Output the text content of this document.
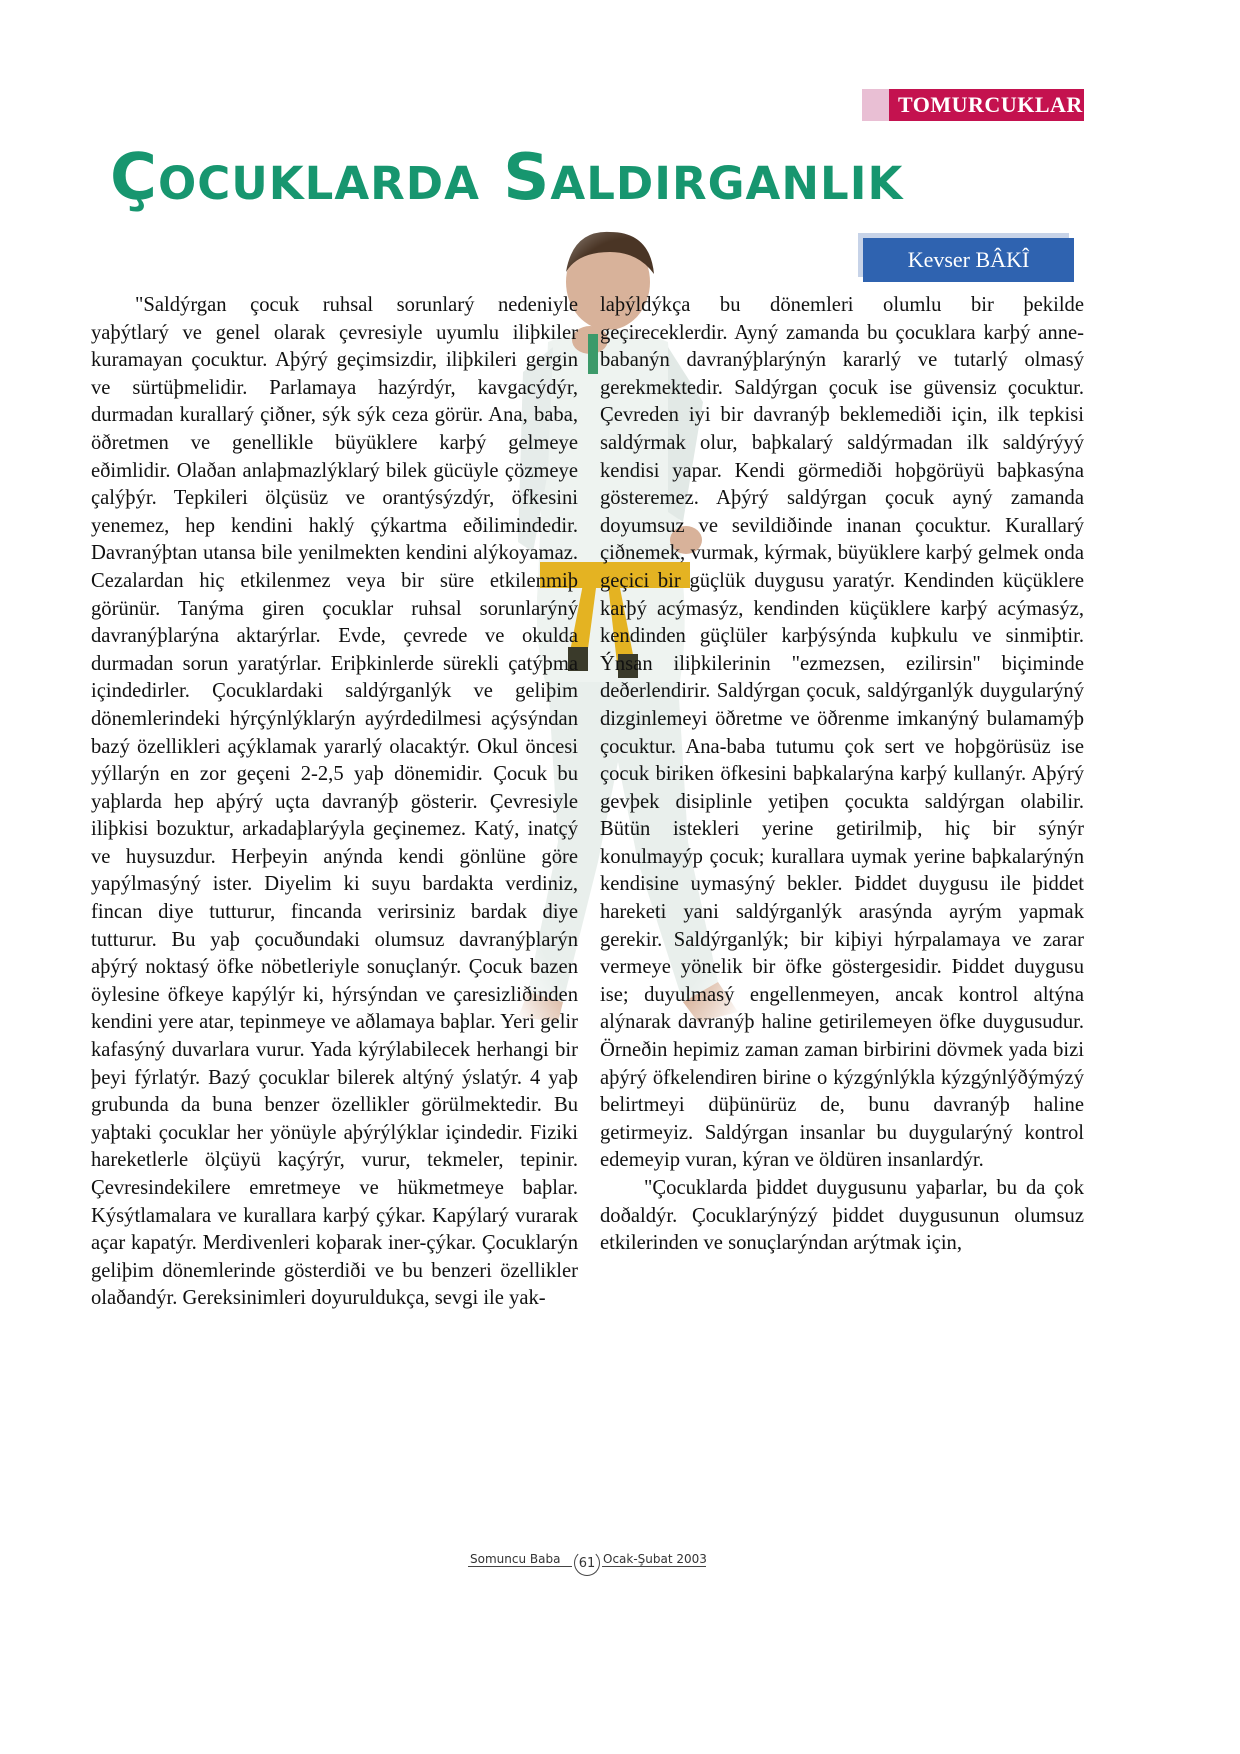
TOMURCUKLAR
Çocuklarda Saldırganlık
Kevser BÂKÎ

"Saldýrgan çocuk ruhsal sorunlarý nedeniyle yaþýtlarý ve genel olarak çevresiyle uyumlu iliþkiler kuramayan çocuktur. Aþýrý geçimsizdir, iliþkileri gergin ve sürtüþmelidir. Parlamaya hazýrdýr, kavgacýdýr, durmadan kurallarý çiðner, sýk sýk ceza görür. Ana, baba, öðretmen ve genellikle büyüklere karþý gelmeye eðimlidir. Olaðan anlaþmazlýklarý bilek gücüyle çözmeye çalýþýr. Tepkileri ölçüsüz ve orantýsýzdýr, öfkesini yenemez, hep kendini haklý çýkartma eðilimindedir. Davranýþtan utansa bile yenilmekten kendini alýkoyamaz. Cezalardan hiç etkilenmez veya bir süre etkilenmiþ görünür. Tanýma giren çocuklar ruhsal sorunlarýný davranýþlarýna aktarýrlar. Evde, çevrede ve okulda durmadan sorun yaratýrlar. Eriþkinlerde sürekli çatýþma içindedirler. Çocuklardaki saldýrganlýk ve geliþim dönemlerindeki hýrçýnlýklarýn ayýrdedilmesi açýsýndan bazý özellikleri açýklamak yararlý olacaktýr. Okul öncesi yýllarýn en zor geçeni 2-2,5 yaþ dönemidir. Çocuk bu yaþlarda hep aþýrý uçta davranýþ gösterir. Çevresiyle iliþkisi bozuktur, arkadaþlarýyla geçinemez. Katý, inatçý ve huysuzdur. Herþeyin anýnda kendi gönlüne göre yapýlmasýný ister. Diyelim ki suyu bardakta verdiniz, fincan diye tutturur, fincanda verirsiniz bardak diye tutturur. Bu yaþ çocuðundaki olumsuz davranýþlarýn aþýrý noktasý öfke nöbetleriyle sonuçlanýr. Çocuk bazen öylesine öfkeye kapýlýr ki, hýrsýndan ve çaresizliðinden kendini yere atar, tepinmeye ve aðlamaya baþlar. Yeri gelir kafasýný duvarlara vurur. Yada kýrýlabilecek herhangi bir þeyi fýrlatýr. Bazý çocuklar bilerek altýný ýslatýr. 4 yaþ grubunda da buna benzer özellikler görülmektedir. Bu yaþtaki çocuklar her yönüyle aþýrýlýklar içindedir. Fiziki hareketlerle ölçüyü kaçýrýr, vurur, tekmeler, tepinir. Çevresindekilere emretmeye ve hükmetmeye baþlar. Kýsýtlamalara ve kurallara karþý çýkar. Kapýlarý vurarak açar kapatýr. Merdivenleri koþarak iner-çýkar. Çocuklarýn geliþim dönemlerinde gösterdiði ve bu benzeri özellikler olaðandýr. Gereksinimleri doyuruldukça, sevgi ile yak-

laþýldýkça bu dönemleri olumlu bir þekilde geçireceklerdir. Ayný zamanda bu çocuklara karþý anne-babanýn davranýþlarýnýn kararlý ve tutarlý olmasý gerekmektedir. Saldýrgan çocuk ise güvensiz çocuktur. Çevreden iyi bir davranýþ beklemediði için, ilk tepkisi saldýrmak olur, baþkalarý saldýrmadan ilk saldýrýyý kendisi yapar. Kendi görmediði hoþgörüyü baþkasýna gösteremez. Aþýrý saldýrgan çocuk ayný zamanda doyumsuz ve sevildiðinde inanan çocuktur. Kurallarý çiðnemek, vurmak, kýrmak, büyüklere karþý gelmek onda geçici bir güçlük duygusu yaratýr. Kendinden küçüklere karþý acýmasýz, kendinden küçüklere karþý acýmasýz, kendinden güçlüler karþýsýnda kuþkulu ve sinmiþtir. Ýnsan iliþkilerinin "ezmezsen, ezilirsin" biçiminde deðerlendirir. Saldýrgan çocuk, saldýrganlýk duygularýný dizginlemeyi öðretme ve öðrenme imkanýný bulamamýþ çocuktur. Ana-baba tutumu çok sert ve hoþgörüsüz ise çocuk biriken öfkesini baþkalarýna karþý kullanýr. Aþýrý gevþek disiplinle yetiþen çocukta saldýrgan olabilir. Bütün istekleri yerine getirilmiþ, hiç bir sýnýr konulmayýp çocuk; kurallara uymak yerine baþkalarýnýn kendisine uymasýný bekler. Þiddet duygusu ile þiddet hareketi yani saldýrganlýk arasýnda ayrým yapmak gerekir. Saldýrganlýk; bir kiþiyi hýrpalamaya ve zarar vermeye yönelik bir öfke göstergesidir. Þiddet duygusu ise; duyulmasý engellenmeyen, ancak kontrol altýna alýnarak davranýþ haline getirilemeyen öfke duygusudur. Örneðin hepimiz zaman zaman birbirini dövmek yada bizi aþýrý öfkelendiren birine o kýzgýnlýkla kýzgýnlýðýmýzý belirtmeyi düþünürüz de, bunu davranýþ haline getirmeyiz. Saldýrgan insanlar bu duygularýný kontrol edemeyip vuran, kýran ve öldüren insanlardýr.

"Çocuklarda þiddet duygusunu yaþarlar, bu da çok doðaldýr. Çocuklarýnýzý þiddet duygusunun olumsuz etkilerinden ve sonuçlarýndan arýtmak için,

Somuncu Baba	61 Ocak-Şubat 2003
